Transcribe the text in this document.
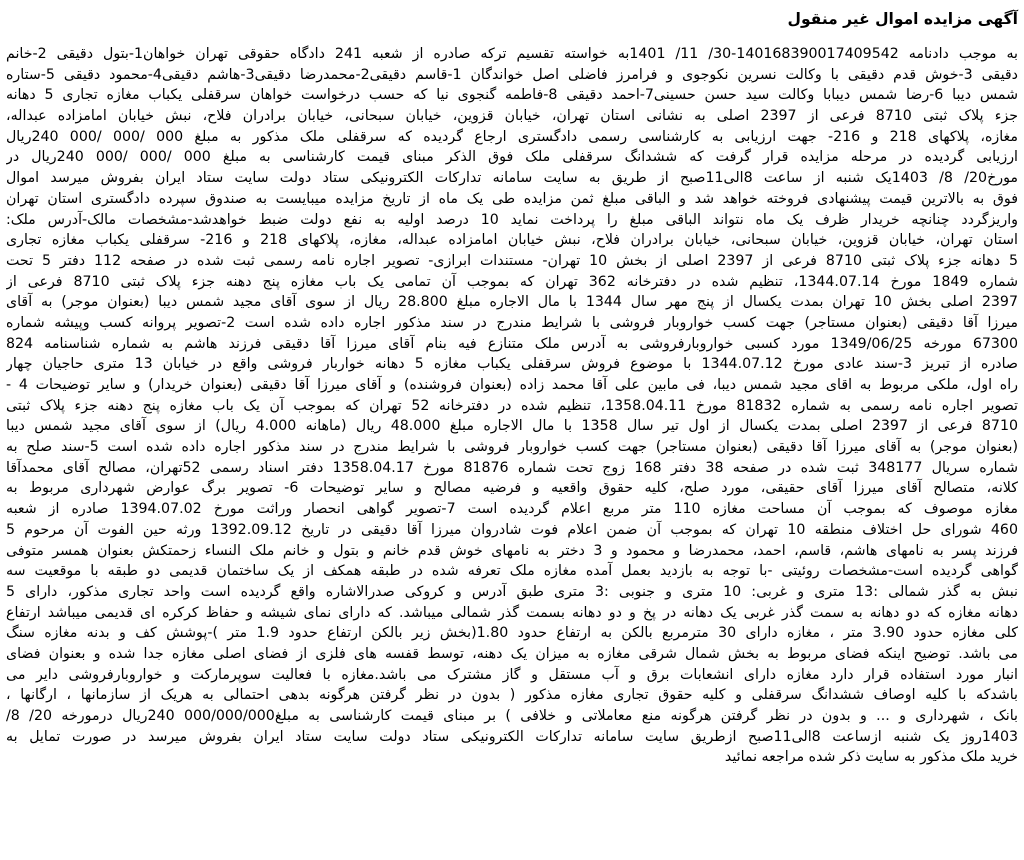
آگهی مزایده اموال غیر منقول
به موجب دادنامه 140168390017409542-30/ 11/ 1401به خواسته تقسیم ترکه صادره از شعبه 241 دادگاه حقوقی تهران خواهان1-بتول دقیقی 2-خانم
دقیقی 3-خوش قدم دقیقی با وکالت نسرین نکوجوی و فرامرز فاضلی اصل خواندگان 1-قاسم دقیقی2-محمدرضا دقیقی3-هاشم دقیقی4-محمود دقیقی 5-ستاره
شمس دیبا 6-رضا شمس دیبابا وکالت سید حسن حسینی7-احمد دقیقی 8-فاطمه گنجوی نیا که حسب درخواست خواهان سرقفلی یکباب مغازه تجاری 5 دهانه
جزء پلاک ثبتی 8710 فرعی از 2397 اصلی به نشانی استان تهران، خیابان قزوین، خیابان سبحانی، خیابان برادران فلاح، نبش خیابان امامزاده عبداله،
مغازه، پلاکهای 218 و 216- جهت ارزیابی به کارشناسی رسمی دادگستری ارجاع گردیده که سرقفلی ملک مذکور به مبلغ 000 /000 /000 240ریال
ارزیابی گردیده در مرحله مزایده قرار گرفت که ششدانگ سرقفلی ملک فوق الذکر مبنای قیمت کارشناسی به مبلغ 000 /000 /000 240ریال در
مورخ20/ 8/ 1403یک شنبه از ساعت 8الی11صبح از طریق به سایت سامانه تدارکات الکترونیکی ستاد دولت سایت ستاد ایران بفروش میرسد اموال
فوق به بالاترین قیمت پیشنهادی فروخته خواهد شد و الباقی مبلغ ثمن مزایده طی یک ماه از تاریخ مزایده میبایست به صندوق سپرده دادگستری استان تهران
واریزگردد چنانچه خریدار ظرف یک ماه نتواند الباقی مبلغ را پرداخت نماید 10 درصد اولیه به نفع دولت ضبط خواهدشد-مشخصات مالک-آدرس ملک:
استان تهران، خیابان قزوین، خیابان سبحانی، خیابان برادران فلاح، نبش خیابان امامزاده عبداله، مغازه، پلاکهای 218 و 216- سرقفلی یکباب مغازه تجاری
5 دهانه جزء پلاک ثبتی 8710 فرعی از 2397 اصلی از بخش 10 تهران- مستندات ابرازی- تصویر اجاره نامه رسمی ثبت شده در صفحه 112 دفتر 5 تحت
شماره 1849 مورخ 1344.07.14، تنظیم شده در دفترخانه 362 تهران که بموجب آن تمامی یک باب مغازه پنج دهنه جزء پلاک ثبتی 8710 فرعی از
2397 اصلی بخش 10 تهران بمدت یکسال از پنج مهر سال 1344 با مال الاجاره مبلغ 28.800 ریال از سوی آقای مجید شمس دیبا (بعنوان موجر) به آقای
میرزا آقا دقیقی (بعنوان مستاجر) جهت کسب خواروبار فروشی با شرایط مندرج در سند مذکور اجاره داده شده است 2-تصویر پروانه کسب وپیشه شماره
67300 مورخه 1349/06/25 مورد کسبی خواروبارفروشی به آدرس ملک متنازع فیه بنام آقای میرزا آقا دقیقی فرزند هاشم به شماره شناسنامه 824
صادره از تبریز 3-سند عادی مورخ 1344.07.12 با موضوع فروش سرقفلی یکباب مغازه 5 دهانه خواربار فروشی واقع در خیابان 13 متری حاجیان چهار
راه اول، ملکی مربوط به اقای مجید شمس دیبا، فی مابین علی آقا محمد زاده (بعنوان فروشنده) و آقای میرزا آقا دقیقی (بعنوان خریدار) و سایر توضیحات 4 -
تصویر اجاره نامه رسمی به شماره 81832 مورخ 1358.04.11، تنظیم شده در دفترخانه 52 تهران که بموجب آن یک باب مغازه پنج دهنه جزء پلاک ثبتی
8710 فرعی از 2397 اصلی بمدت یکسال از اول تیر سال 1358 با مال الاجاره مبلغ 48.000 ریال (ماهانه 4.000 ریال) از سوی آقای مجید شمس دیبا
(بعنوان موجر) به آقای میرزا آقا دقیقی (بعنوان مستاجر) جهت کسب خواروبار فروشی با شرایط مندرج در سند مذکور اجاره داده شده است 5-سند صلح به
شماره سریال 348177 ثبت شده در صفحه 38 دفتر 168 زوج تحت شماره 81876 مورخ 1358.04.17 دفتر اسناد رسمی 52تهران، مصالح آقای محمدآقا
کلانه، متصالح آقای میرزا آقای حقیقی، مورد صلح، کلیه حقوق واقعیه و فرضیه مصالح و سایر توضیحات 6- تصویر برگ عوارض شهرداری مربوط به
مغازه موصوف که بموجب آن مساحت مغازه 110 متر مربع اعلام گردیده است 7-تصویر گواهی انحصار وراثت مورخ 1394.07.02 صادره از شعبه
460 شورای حل اختلاف منطقه 10 تهران که بموجب آن ضمن اعلام فوت شادروان میرزا آقا دقیقی در تاریخ 1392.09.12 ورثه حین الفوت آن مرحوم 5
فرزند پسر به نامهای هاشم، قاسم، احمد، محمدرضا و محمود و 3 دختر به نامهای خوش قدم خانم و بتول و خانم ملک النساء زحمتکش بعنوان همسر متوفی
گواهی گردیده است-مشخصات روئیتی -با توجه به بازدید بعمل آمده مغازه ملک تعرفه شده در طبقه همکف از یک ساختمان قدیمی دو طبقه با موقعیت سه
نبش به گذر شمالی :13 متری و غربی: 10 متری و جنوبی :3 متری طبق آدرس و کروکی صدرالاشاره واقع گردیده است واحد تجاری مذکور، دارای 5
دهانه مغازه که دو دهانه به سمت گذر غربی یک دهانه در پخ و دو دهانه بسمت گذر شمالی میباشد. که دارای نمای شیشه و حفاظ کرکره ای قدیمی میباشد ارتفاع
کلی مغازه حدود 3.90 متر ، مغازه دارای 30 مترمربع بالکن به ارتفاع حدود 1.80(بخش زیر بالکن ارتفاع حدود 1.9 متر )-پوشش کف و بدنه مغازه سنگ
می باشد. توضیح اینکه فضای مربوط به بخش شمال شرقی مغازه به میزان یک دهنه، توسط قفسه های فلزی از فضای اصلی مغازه جدا شده و بعنوان فضای
انبار مورد استفاده قرار دارد مغازه دارای انشعابات برق و آب مستقل و گاز مشترک می باشد.مغازه با فعالیت سوپرمارکت و خواروبارفروشی دایر می
باشدکه با کلیه اوصاف ششدانگ سرقفلی و کلیه حقوق تجاری مغازه مذکور ( بدون در نظر گرفتن هرگونه بدهی احتمالی به هریک از سازمانها ، ارگانها ،
بانک ، شهرداری و ... و بدون در نظر گرفتن هرگونه منع معاملاتی و خلافی ) بر مبنای قیمت کارشناسی به مبلغ000/000/000 240ریال درمورخه 20/ 8/
1403روز یک شنبه ازساعت 8الی11صبح ازطریق سایت سامانه تدارکات الکترونیکی ستاد دولت سایت ستاد ایران بفروش میرسد در صورت تمایل به
خرید ملک مذکور به سایت ذکر شده مراجعه نمائید
